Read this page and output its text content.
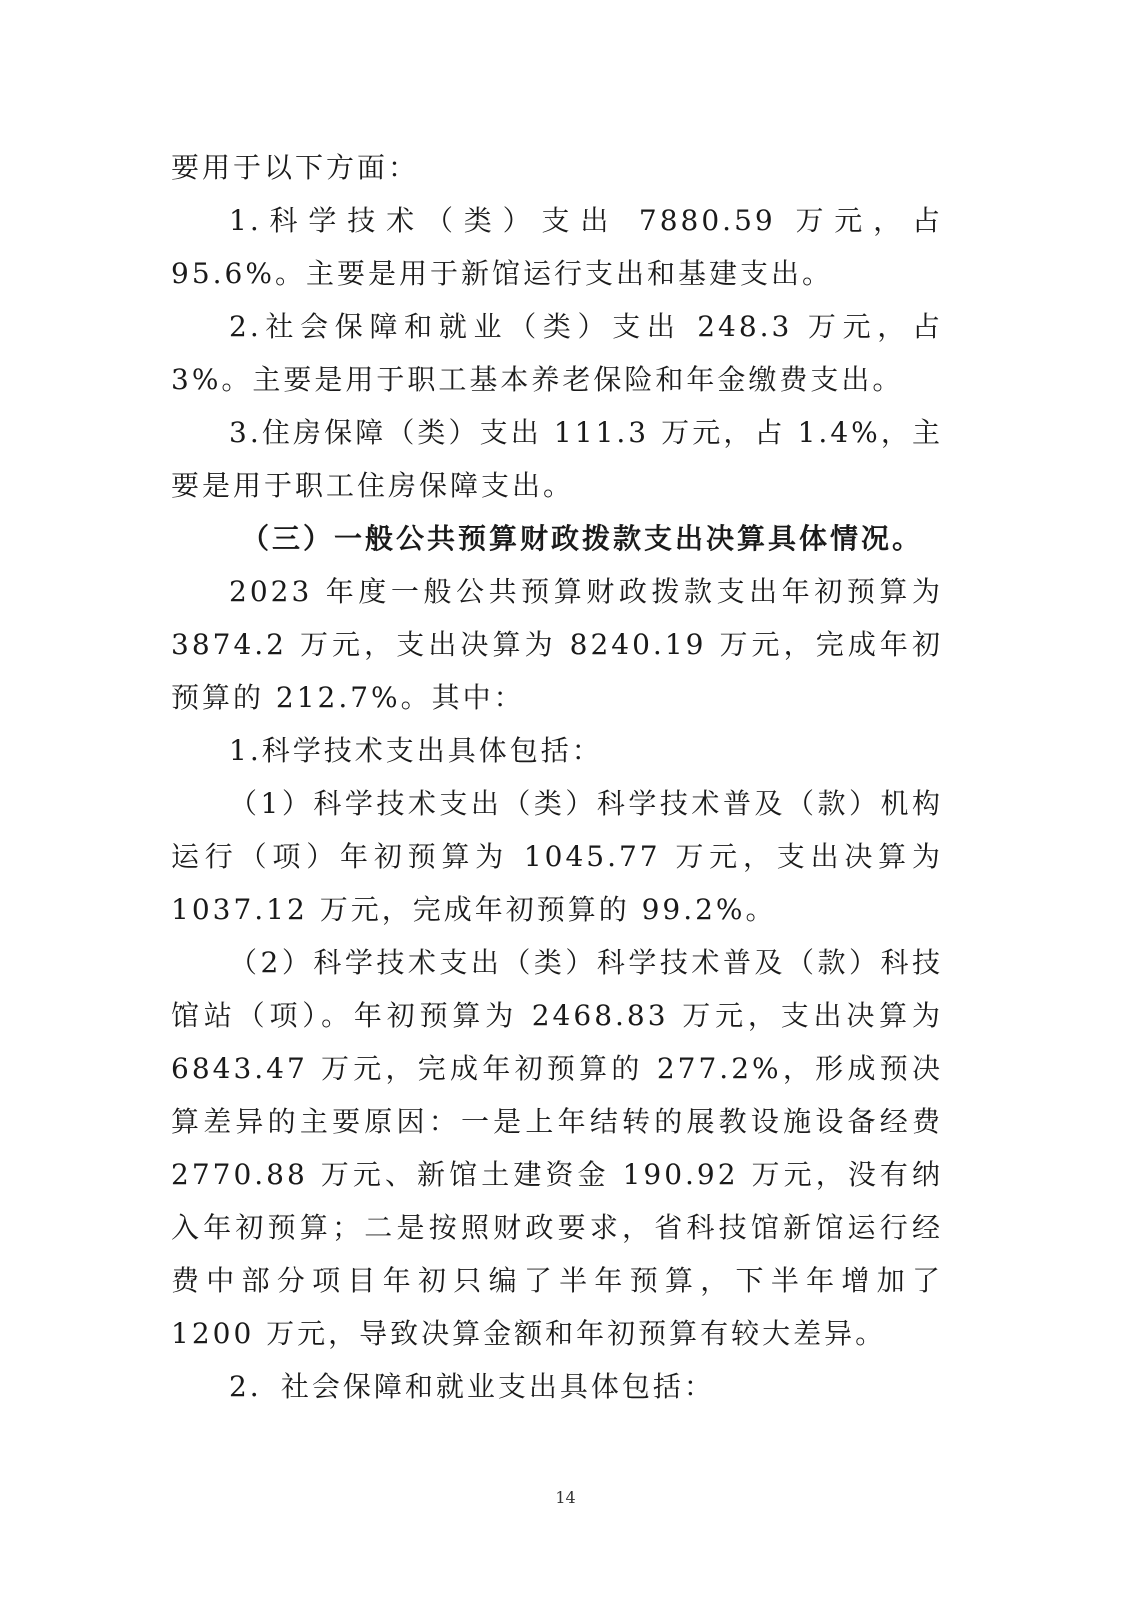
要用于以下方面：

1.科学技术（类）支出 7880.59 万元，占 95.6%。主要是用于新馆运行支出和基建支出。

2.社会保障和就业（类）支出 248.3 万元，占 3%。主要是用于职工基本养老保险和年金缴费支出。

3.住房保障（类）支出 111.3 万元，占 1.4%，主要是用于职工住房保障支出。

（三）一般公共预算财政拨款支出决算具体情况。

2023 年度一般公共预算财政拨款支出年初预算为 3874.2 万元，支出决算为 8240.19 万元，完成年初预算的 212.7%。其中：

1.科学技术支出具体包括：

（1）科学技术支出（类）科学技术普及（款）机构运行（项）年初预算为 1045.77 万元，支出决算为 1037.12 万元，完成年初预算的 99.2%。

（2）科学技术支出（类）科学技术普及（款）科技馆站（项）。年初预算为 2468.83 万元，支出决算为 6843.47 万元，完成年初预算的 277.2%，形成预决算差异的主要原因：一是上年结转的展教设施设备经费 2770.88 万元、新馆土建资金 190.92 万元，没有纳入年初预算；二是按照财政要求，省科技馆新馆运行经费中部分项目年初只编了半年预算，下半年增加了 1200 万元，导致决算金额和年初预算有较大差异。

2．社会保障和就业支出具体包括：

14
